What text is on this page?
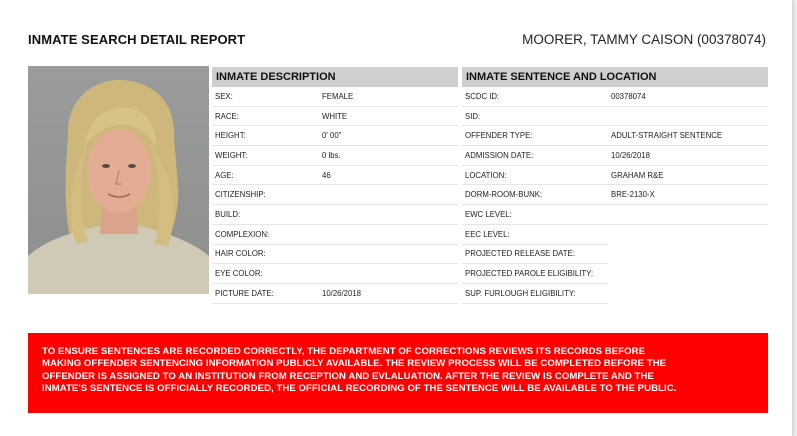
INMATE SEARCH DETAIL REPORT	MOORER, TAMMY CAISON (00378074)
INMATE DESCRIPTION
SEX:	FEMALE
RACE:	WHITE
HEIGHT:	0' 00"
WEIGHT:	0 lbs.
AGE:	46
CITIZENSHIP:
BUILD:
COMPLEXION:
HAIR COLOR:
EYE COLOR:
PICTURE DATE:	10/26/2018
INMATE SENTENCE AND LOCATION
SCDC ID:	00378074
SID:
OFFENDER TYPE:	ADULT-STRAIGHT SENTENCE
ADMISSION DATE:	10/26/2018
LOCATION:	GRAHAM R&E
DORM-ROOM-BUNK:	BRE-2130-X
EWC LEVEL:
EEC LEVEL:
PROJECTED RELEASE DATE:
PROJECTED PAROLE ELIGIBILITY:
SUP. FURLOUGH ELIGIBILITY:
TO ENSURE SENTENCES ARE RECORDED CORRECTLY, THE DEPARTMENT OF CORRECTIONS REVIEWS ITS RECORDS BEFORE
MAKING OFFENDER SENTENCING INFORMATION PUBLICLY AVAILABLE. THE REVIEW PROCESS WILL BE COMPLETED BEFORE THE
OFFENDER IS ASSIGNED TO AN INSTITUTION FROM RECEPTION AND EVLALUATION. AFTER THE REVIEW IS COMPLETE AND THE
INMATE'S SENTENCE IS OFFICIALLY RECORDED, THE OFFICIAL RECORDING OF THE SENTENCE WILL BE AVAILABLE TO THE PUBLIC.
